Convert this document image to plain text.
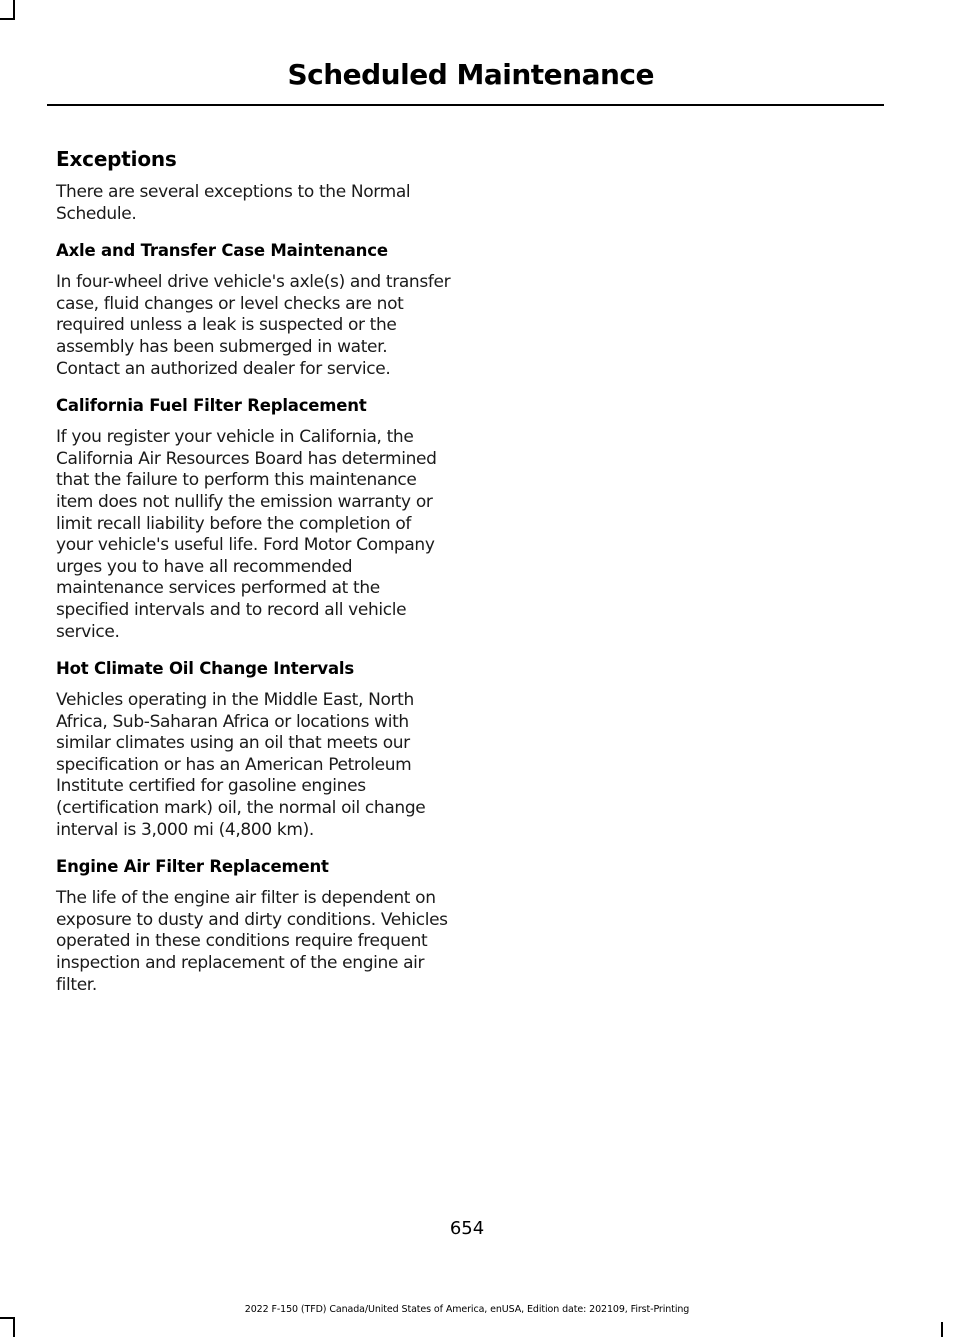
Scheduled Maintenance
Exceptions
There are several exceptions to the Normal Schedule.
Axle and Transfer Case Maintenance
In four-wheel drive vehicle's axle(s) and transfer case, fluid changes or level checks are not required unless a leak is suspected or the assembly has been submerged in water. Contact an authorized dealer for service.
California Fuel Filter Replacement
If you register your vehicle in California, the California Air Resources Board has determined that the failure to perform this maintenance item does not nullify the emission warranty or limit recall liability before the completion of your vehicle's useful life. Ford Motor Company urges you to have all recommended maintenance services performed at the specified intervals and to record all vehicle service.
Hot Climate Oil Change Intervals
Vehicles operating in the Middle East, North Africa, Sub-Saharan Africa or locations with similar climates using an oil that meets our specification or has an American Petroleum Institute certified for gasoline engines (certification mark) oil, the normal oil change interval is 3,000 mi (4,800 km).
Engine Air Filter Replacement
The life of the engine air filter is dependent on exposure to dusty and dirty conditions. Vehicles operated in these conditions require frequent inspection and replacement of the engine air filter.
654
2022 F-150 (TFD) Canada/United States of America, enUSA, Edition date: 202109, First-Printing
